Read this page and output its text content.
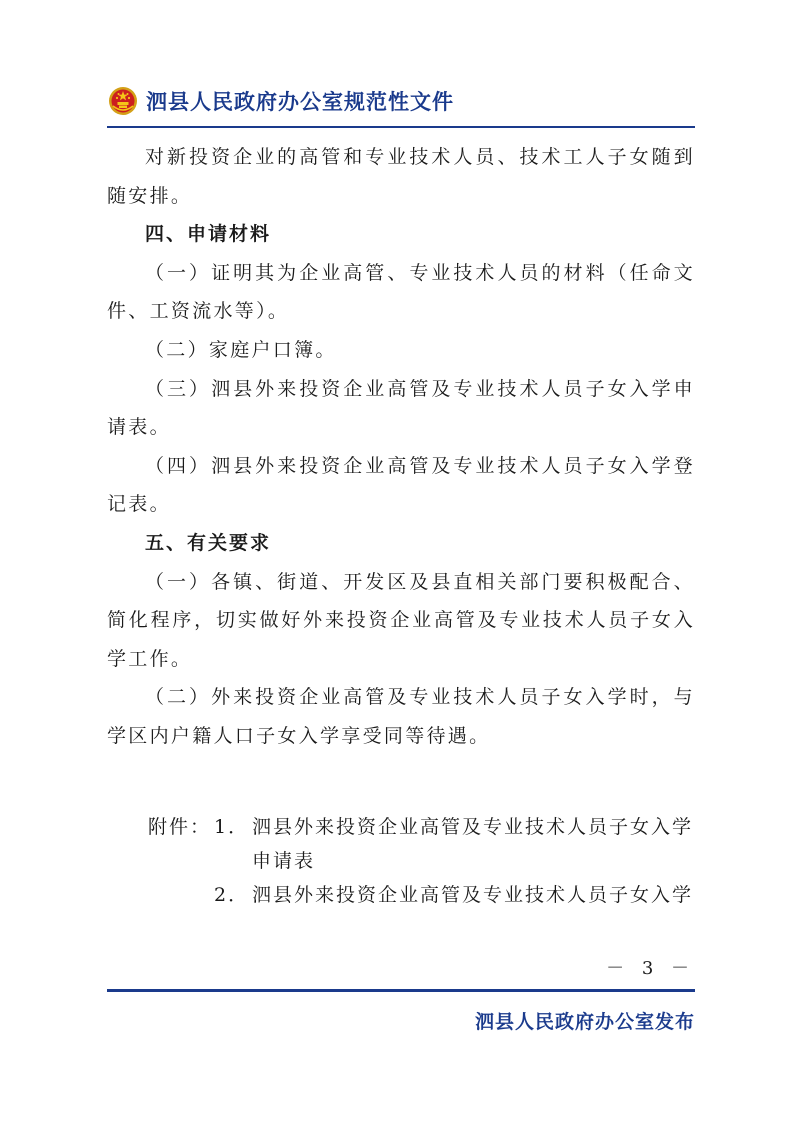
泗县人民政府办公室规范性文件

对新投资企业的高管和专业技术人员、技术工人子女随到随安排。

四、申请材料

（一）证明其为企业高管、专业技术人员的材料（任命文件、工资流水等）。

（二）家庭户口簿。

（三）泗县外来投资企业高管及专业技术人员子女入学申请表。

（四）泗县外来投资企业高管及专业技术人员子女入学登记表。

五、有关要求

（一）各镇、街道、开发区及县直相关部门要积极配合、简化程序，切实做好外来投资企业高管及专业技术人员子女入学工作。

（二）外来投资企业高管及专业技术人员子女入学时，与学区内户籍人口子女入学享受同等待遇。

附件： 1． 泗县外来投资企业高管及专业技术人员子女入学
申请表
2． 泗县外来投资企业高管及专业技术人员子女入学
－ 3 －
泗县人民政府办公室发布
